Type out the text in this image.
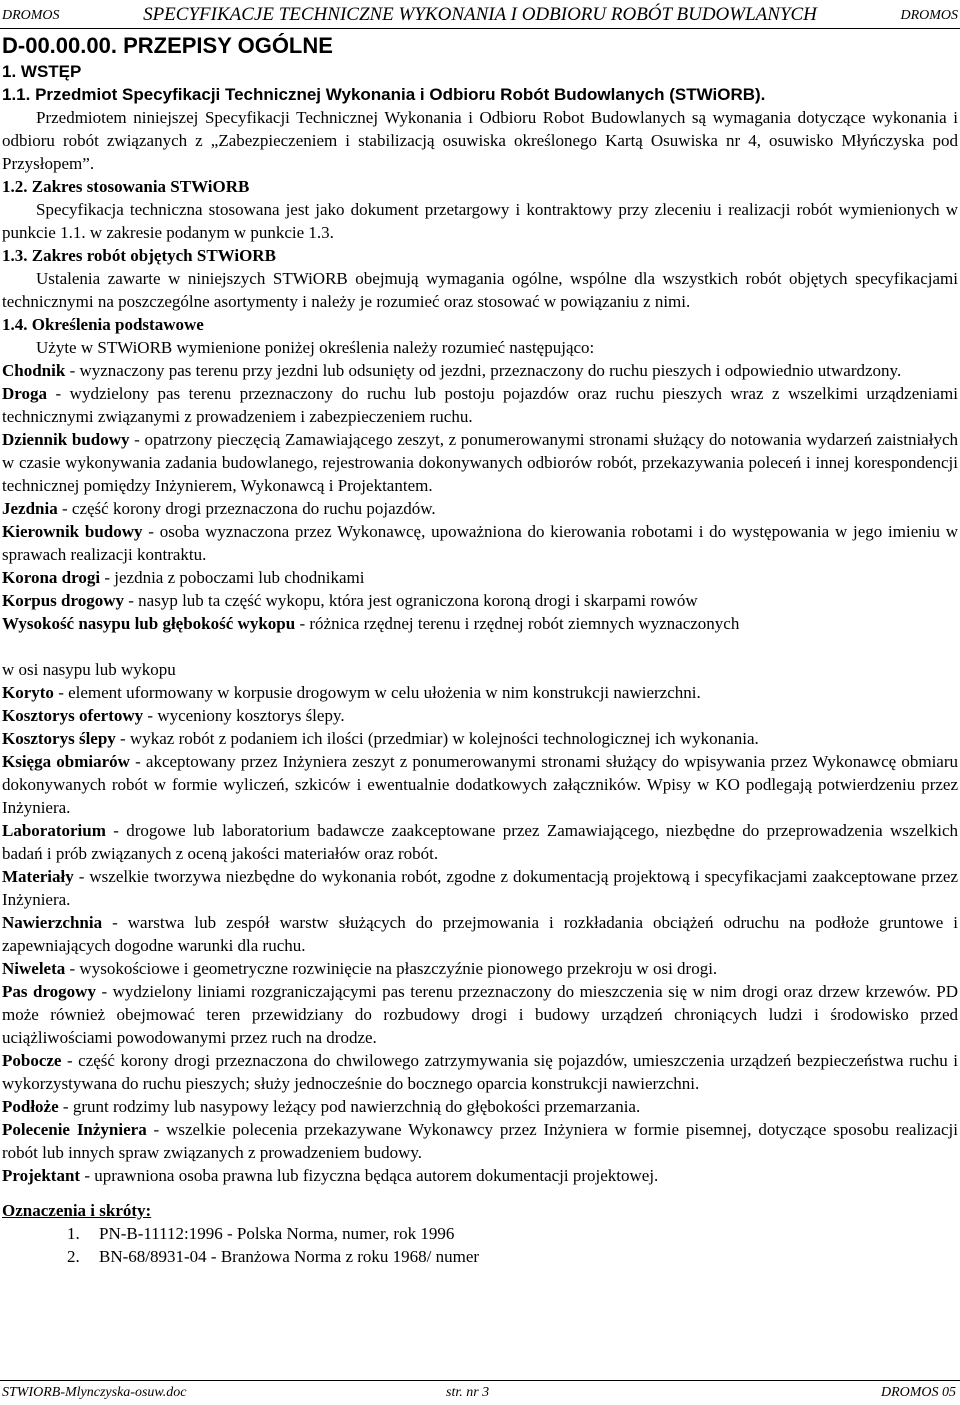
DROMOS	SPECYFIKACJE TECHNICZNE WYKONANIA I ODBIORU ROBÓT BUDOWLANYCH	DROMOS

D-00.00.00. PRZEPISY OGÓLNE

1. WSTĘP

1.1. Przedmiot Specyfikacji Technicznej Wykonania i Odbioru Robót Budowlanych (STWiORB).

Przedmiotem niniejszej Specyfikacji Technicznej Wykonania i Odbioru Robot Budowlanych są wymagania dotyczące wykonania i odbioru robót związanych z „Zabezpieczeniem i stabilizacją osuwiska określonego Kartą Osuwiska nr 4, osuwisko Młyńczyska pod Przysłopem”.

1.2. Zakres stosowania STWiORB

Specyfikacja techniczna stosowana jest jako dokument przetargowy i kontraktowy przy zleceniu i realizacji robót wymienionych w punkcie 1.1. w zakresie podanym w punkcie 1.3.

1.3. Zakres robót objętych STWiORB

Ustalenia zawarte w niniejszych STWiORB obejmują wymagania ogólne, wspólne dla wszystkich robót objętych specyfikacjami technicznymi na poszczególne asortymenty i należy je rozumieć oraz stosować w powiązaniu z nimi.

1.4. Określenia podstawowe

Użyte w STWiORB wymienione poniżej określenia należy rozumieć następująco:

Chodnik - wyznaczony pas terenu przy jezdni lub odsunięty od jezdni, przeznaczony do ruchu pieszych i odpowiednio utwardzony.

Droga - wydzielony pas terenu przeznaczony do ruchu lub postoju pojazdów oraz ruchu pieszych wraz z wszelkimi urządzeniami technicznymi związanymi z prowadzeniem i zabezpieczeniem ruchu.

Dziennik budowy - opatrzony pieczęcią Zamawiającego zeszyt, z ponumerowanymi stronami służący do notowania wydarzeń zaistniałych w czasie wykonywania zadania budowlanego, rejestrowania dokonywanych odbiorów robót, przekazywania poleceń i innej korespondencji technicznej pomiędzy Inżynierem, Wykonawcą i Projektantem.

Jezdnia - część korony drogi przeznaczona do ruchu pojazdów.

Kierownik budowy - osoba wyznaczona przez Wykonawcę, upoważniona do kierowania robotami i do występowania w jego imieniu w sprawach realizacji kontraktu.

Korona drogi - jezdnia z poboczami lub chodnikami

Korpus drogowy - nasyp lub ta część wykopu, która jest ograniczona koroną drogi i skarpami rowów

Wysokość nasypu lub głębokość wykopu - różnica rzędnej terenu i rzędnej robót ziemnych wyznaczonych

w osi nasypu lub wykopu

Koryto - element uformowany w korpusie drogowym w celu ułożenia w nim konstrukcji nawierzchni.

Kosztorys ofertowy - wyceniony kosztorys ślepy.

Kosztorys ślepy - wykaz robót z podaniem ich ilości (przedmiar) w kolejności technologicznej ich wykonania.

Księga obmiarów - akceptowany przez Inżyniera zeszyt z ponumerowanymi stronami służący do wpisywania przez Wykonawcę obmiaru dokonywanych robót w formie wyliczeń, szkiców i ewentualnie dodatkowych załączników. Wpisy w KO podlegają potwierdzeniu przez Inżyniera.

Laboratorium - drogowe lub laboratorium badawcze zaakceptowane przez Zamawiającego, niezbędne do przeprowadzenia wszelkich badań i prób związanych z oceną jakości materiałów oraz robót.

Materiały - wszelkie tworzywa niezbędne do wykonania robót, zgodne z dokumentacją projektową i specyfikacjami zaakceptowane przez Inżyniera.

Nawierzchnia - warstwa lub zespół warstw służących do przejmowania i rozkładania obciążeń odruchu na podłoże gruntowe i zapewniających dogodne warunki dla ruchu.

Niweleta - wysokościowe i geometryczne rozwinięcie na płaszczyźnie pionowego przekroju w osi drogi.

Pas drogowy - wydzielony liniami rozgraniczającymi pas terenu przeznaczony do mieszczenia się w nim drogi oraz drzew krzewów. PD może również obejmować teren przewidziany do rozbudowy drogi i budowy urządzeń chroniących ludzi i środowisko przed uciążliwościami powodowanymi przez ruch na drodze.

Pobocze - część korony drogi przeznaczona do chwilowego zatrzymywania się pojazdów, umieszczenia urządzeń bezpieczeństwa ruchu i wykorzystywana do ruchu pieszych; służy jednocześnie do bocznego oparcia konstrukcji nawierzchni.

Podłoże - grunt rodzimy lub nasypowy leżący pod nawierzchnią do głębokości przemarzania.

Polecenie Inżyniera - wszelkie polecenia przekazywane Wykonawcy przez Inżyniera w formie pisemnej, dotyczące sposobu realizacji robót lub innych spraw związanych z prowadzeniem budowy.

Projektant - uprawniona osoba prawna lub fizyczna będąca autorem dokumentacji projektowej.

Oznaczenia i skróty:

1. PN-B-11112:1996 - Polska Norma, numer, rok 1996
2. BN-68/8931-04 - Branżowa Norma z roku 1968/ numer
STWIORB-Mlynczyska-osuw.doc	str. nr 3	DROMOS 05
